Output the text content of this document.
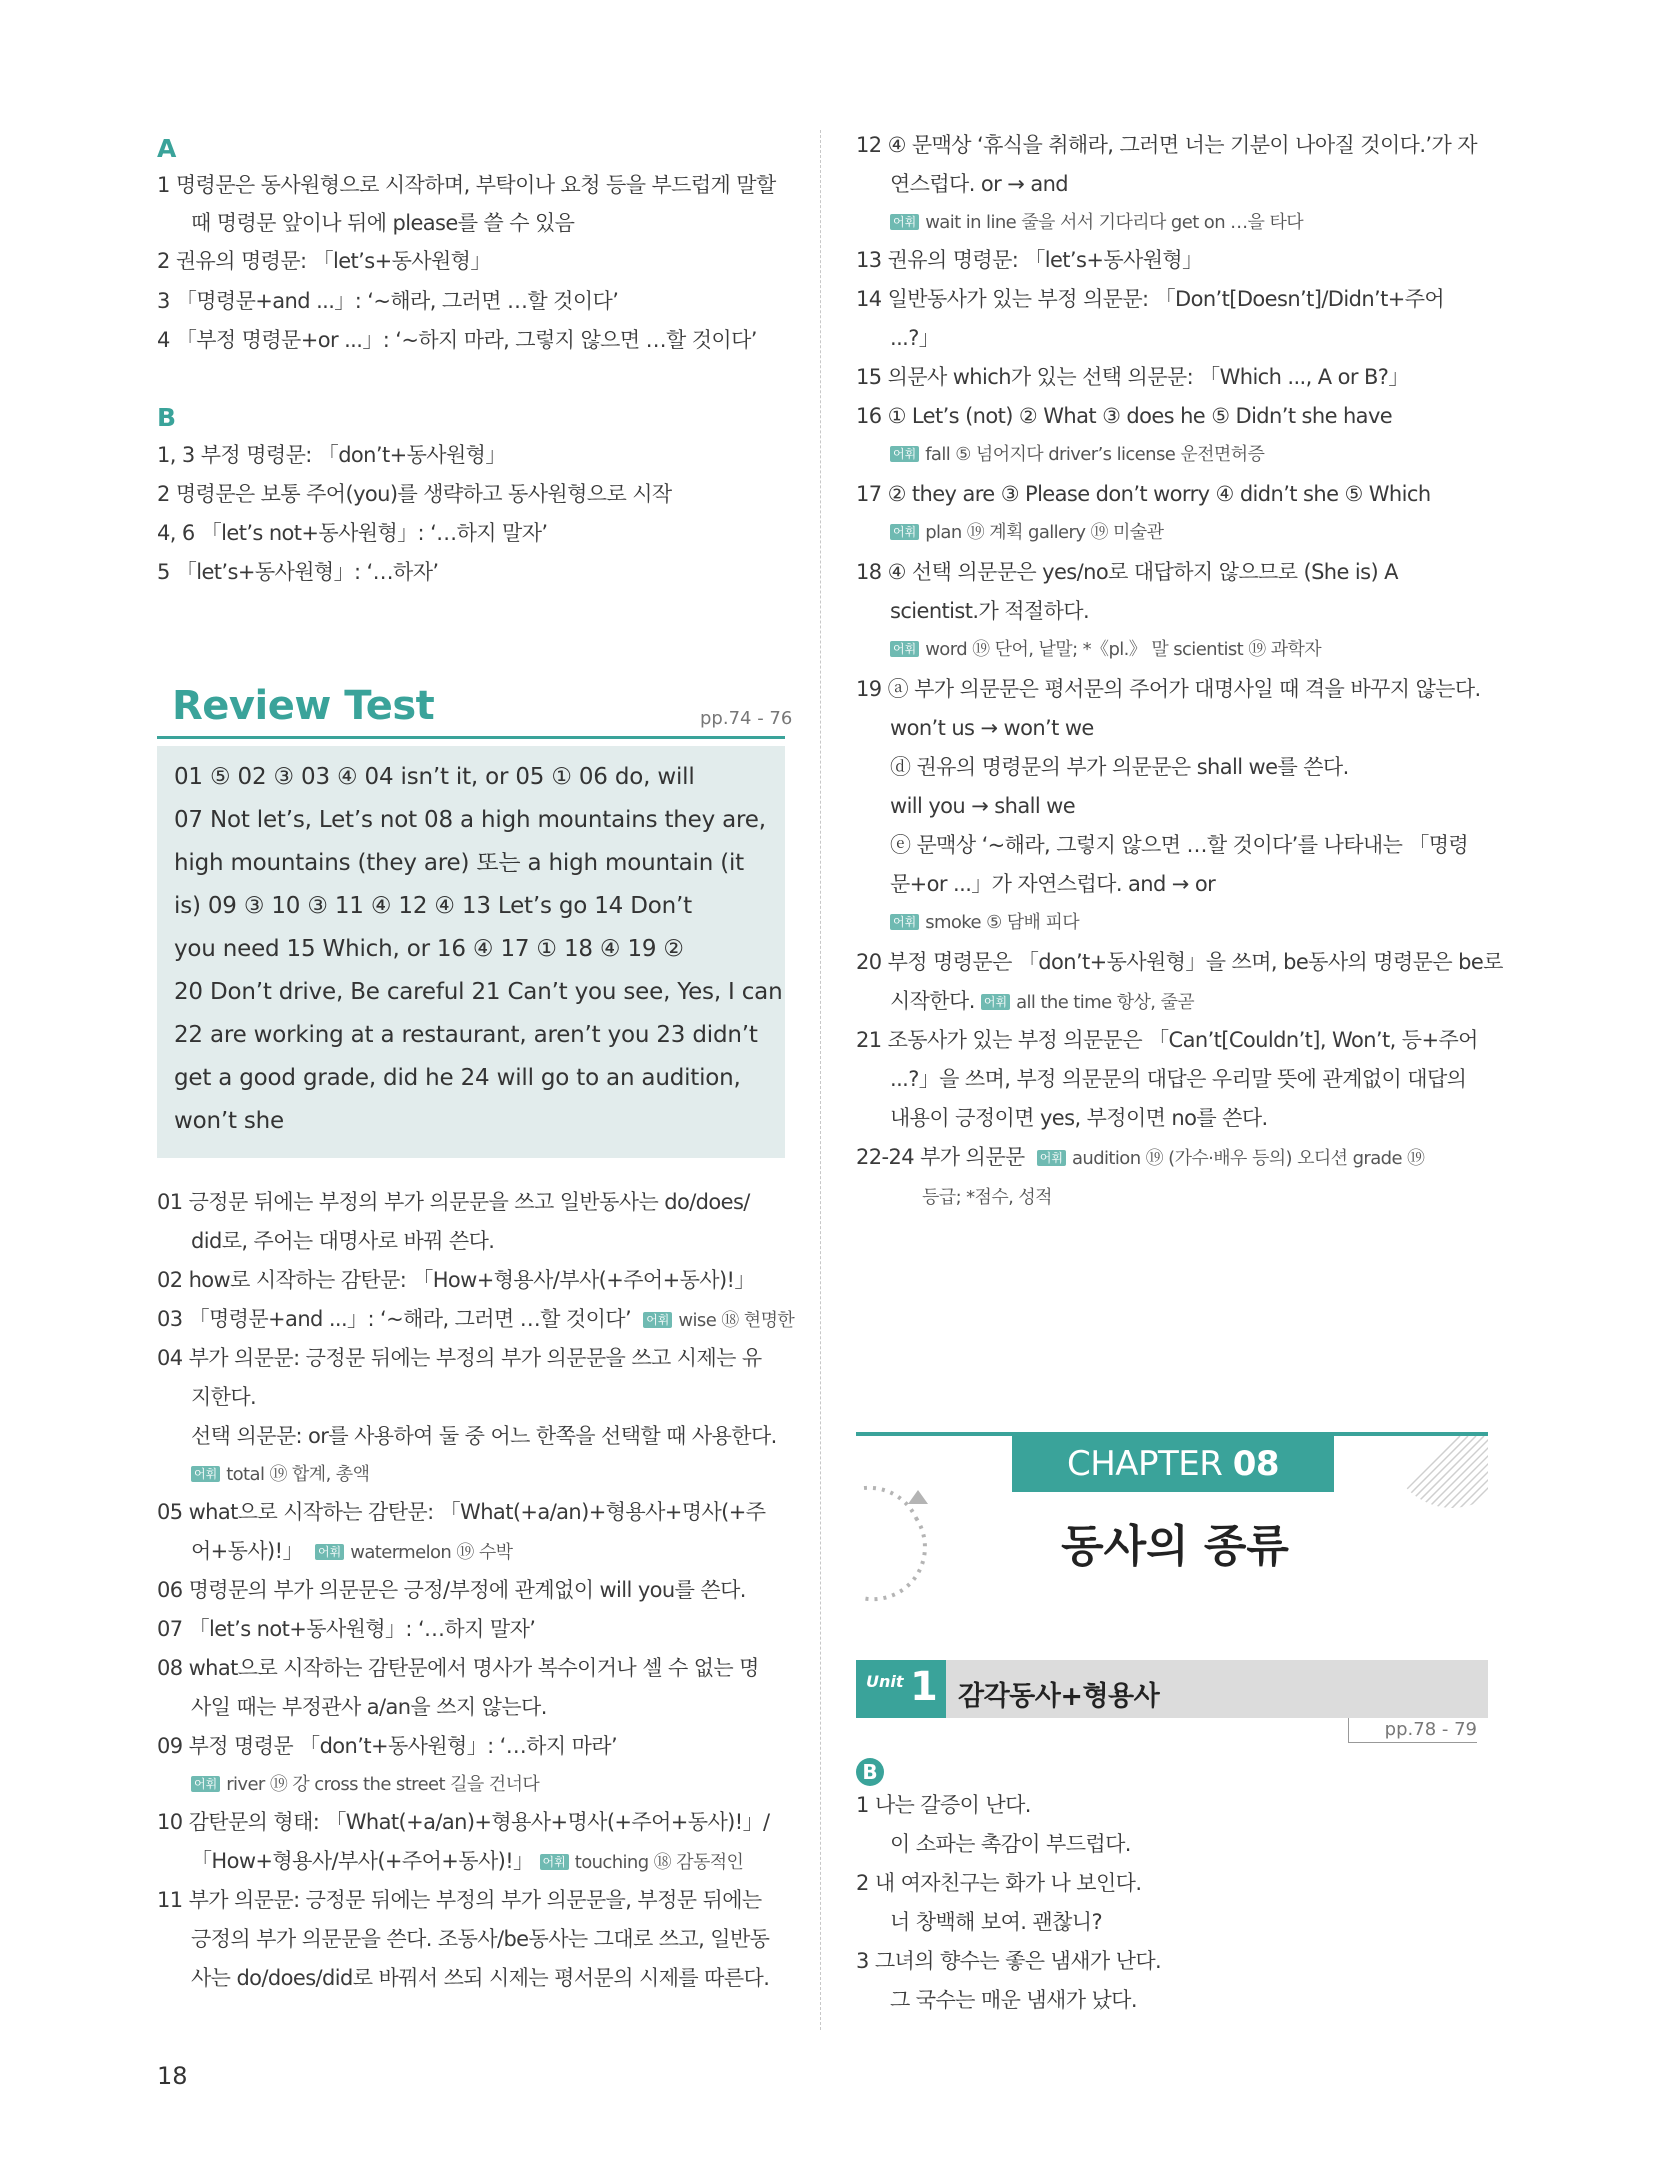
A
1 명령문은 동사원형으로 시작하며, 부탁이나 요청 등을 부드럽게 말할
때 명령문 앞이나 뒤에 please를 쓸 수 있음
2 권유의 명령문: 「let’s+동사원형」
3 「명령문+and ...」: ‘~해라, 그러면 …할 것이다’
4 「부정 명령문+or ...」: ‘~하지 마라, 그렇지 않으면 …할 것이다’
B
1, 3 부정 명령문: 「don’t+동사원형」
2 명령문은 보통 주어(you)를 생략하고 동사원형으로 시작
4, 6 「let’s not+동사원형」: ‘…하지 말자’
5 「let’s+동사원형」: ‘…하자’
Review Test	pp.74 - 76
01 ⑤ 02 ③ 03 ④ 04 isn’t it, or 05 ① 06 do, will
07 Not let’s, Let’s not 08 a high mountains they are,
high mountains (they are) 또는 a high mountain (it
is) 09 ③ 10 ③ 11 ④ 12 ④ 13 Let’s go 14 Don’t
you need 15 Which, or 16 ④ 17 ① 18 ④ 19 ②
20 Don’t drive, Be careful 21 Can’t you see, Yes, I can
22 are working at a restaurant, aren’t you 23 didn’t
get a good grade, did he 24 will go to an audition,
won’t she
01 긍정문 뒤에는 부정의 부가 의문문을 쓰고 일반동사는 do/does/
did로, 주어는 대명사로 바꿔 쓴다.
02 how로 시작하는 감탄문: 「How+형용사/부사(+주어+동사)!」
03 「명령문+and ...」: ‘~해라, 그러면 …할 것이다’ 어휘 wise ⑱ 현명한
04 부가 의문문: 긍정문 뒤에는 부정의 부가 의문문을 쓰고 시제는 유
지한다.
선택 의문문: or를 사용하여 둘 중 어느 한쪽을 선택할 때 사용한다.
어휘 total ⑲ 합계, 총액
05 what으로 시작하는 감탄문: 「What(+a/an)+형용사+명사(+주
어+동사)!」 어휘 watermelon ⑲ 수박
06 명령문의 부가 의문문은 긍정/부정에 관계없이 will you를 쓴다.
07 「let’s not+동사원형」: ‘…하지 말자’
08 what으로 시작하는 감탄문에서 명사가 복수이거나 셀 수 없는 명
사일 때는 부정관사 a/an을 쓰지 않는다.
09 부정 명령문 「don’t+동사원형」: ‘…하지 마라’
어휘 river ⑲ 강 cross the street 길을 건너다
10 감탄문의 형태: 「What(+a/an)+형용사+명사(+주어+동사)!」/
「How+형용사/부사(+주어+동사)!」 어휘 touching ⑱ 감동적인
11 부가 의문문: 긍정문 뒤에는 부정의 부가 의문문을, 부정문 뒤에는
긍정의 부가 의문문을 쓴다. 조동사/be동사는 그대로 쓰고, 일반동
사는 do/does/did로 바꿔서 쓰되 시제는 평서문의 시제를 따른다.
12 ④ 문맥상 ‘휴식을 취해라, 그러면 너는 기분이 나아질 것이다.’가 자
연스럽다. or → and
어휘 wait in line 줄을 서서 기다리다 get on …을 타다
13 권유의 명령문: 「let’s+동사원형」
14 일반동사가 있는 부정 의문문: 「Don’t[Doesn’t]/Didn’t+주어
...?」
15 의문사 which가 있는 선택 의문문: 「Which ..., A or B?」
16 ① Let’s (not) ② What ③ does he ⑤ Didn’t she have
어휘 fall ⑤ 넘어지다 driver’s license 운전면허증
17 ② they are ③ Please don’t worry ④ didn’t she ⑤ Which
어휘 plan ⑲ 계획 gallery ⑲ 미술관
18 ④ 선택 의문문은 yes/no로 대답하지 않으므로 (She is) A
scientist.가 적절하다.
어휘 word ⑲ 단어, 낱말; *《pl.》 말 scientist ⑲ 과학자
19 ⓐ 부가 의문문은 평서문의 주어가 대명사일 때 격을 바꾸지 않는다.
won’t us → won’t we
ⓓ 권유의 명령문의 부가 의문문은 shall we를 쓴다.
will you → shall we
ⓔ 문맥상 ‘~해라, 그렇지 않으면 …할 것이다’를 나타내는 「명령
문+or ...」가 자연스럽다. and → or
어휘 smoke ⑤ 담배 피다
20 부정 명령문은 「don’t+동사원형」을 쓰며, be동사의 명령문은 be로
시작한다. 어휘 all the time 항상, 줄곧
21 조동사가 있는 부정 의문문은 「Can’t[Couldn’t], Won’t, 등+주어
...?」을 쓰며, 부정 의문문의 대답은 우리말 뜻에 관계없이 대답의
내용이 긍정이면 yes, 부정이면 no를 쓴다.
22-24 부가 의문문 어휘 audition ⑲ (가수·배우 등의) 오디션 grade ⑲
등급; *점수, 성적
CHAPTER 08
동사의 종류
Unit 1 감각동사+형용사
pp.78 - 79
B
1 나는 갈증이 난다.
이 소파는 촉감이 부드럽다.
2 내 여자친구는 화가 나 보인다.
너 창백해 보여. 괜찮니?
3 그녀의 향수는 좋은 냄새가 난다.
그 국수는 매운 냄새가 났다.
18
